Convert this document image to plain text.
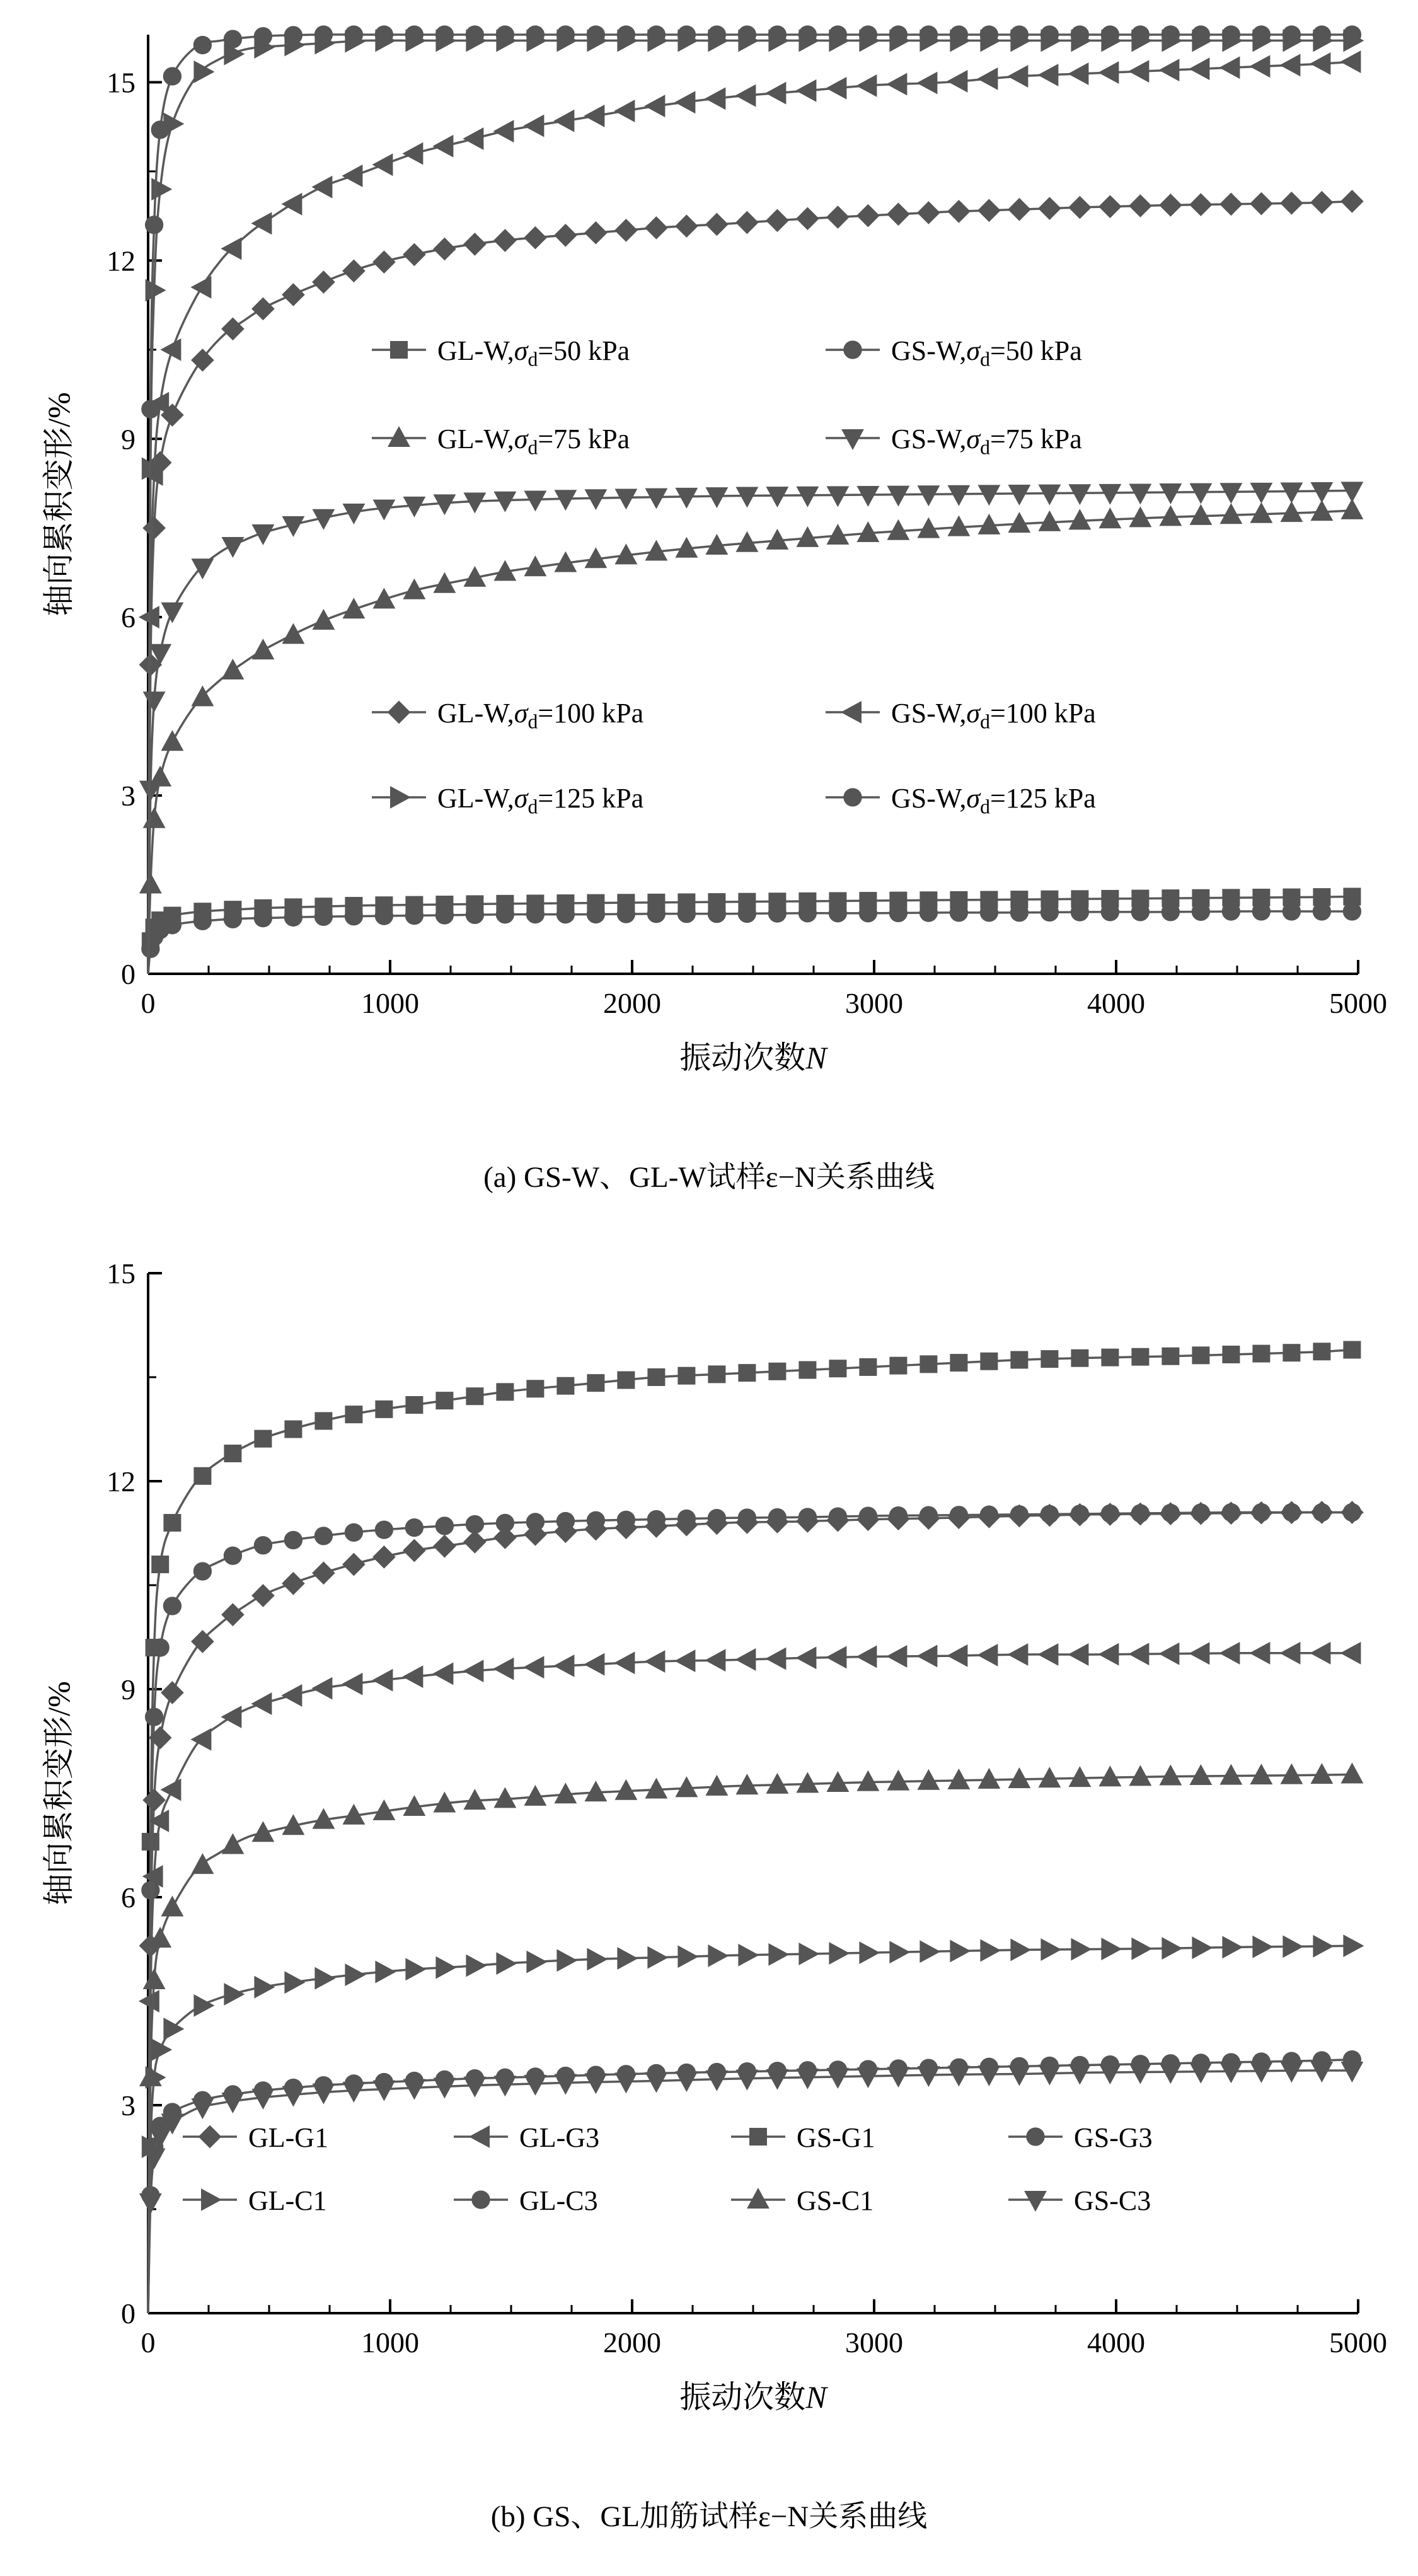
0
3
6
9
12
15
0	1000	2000	3000	4000	5000
轴向累积变形/%
振动次数N
$GL-W,\sigma_d=50$ kPa	$GS-W,\sigma_d=50$ kPa
$GL-W,\sigma_d=75$ kPa	$GS-W,\sigma_d=75$ kPa
$GL-W,\sigma_d=100$ kPa	$GS-W,\sigma_d=100$ kPa
$GL-W,\sigma_d=125$ kPa	$GS-W,\sigma_d=125$ kPa
(a) GS-W、GL-W试样ε−N关系曲线
0
3
6
9
12
15
0	1000	2000	3000	4000	5000
轴向累积变形/%
振动次数N
GL-G1	GL-G3	GS-G1	GS-G3
GL-C1	GL-C3	GS-C1	GS-C3
(b) GS、GL加筋试样ε−N关系曲线
